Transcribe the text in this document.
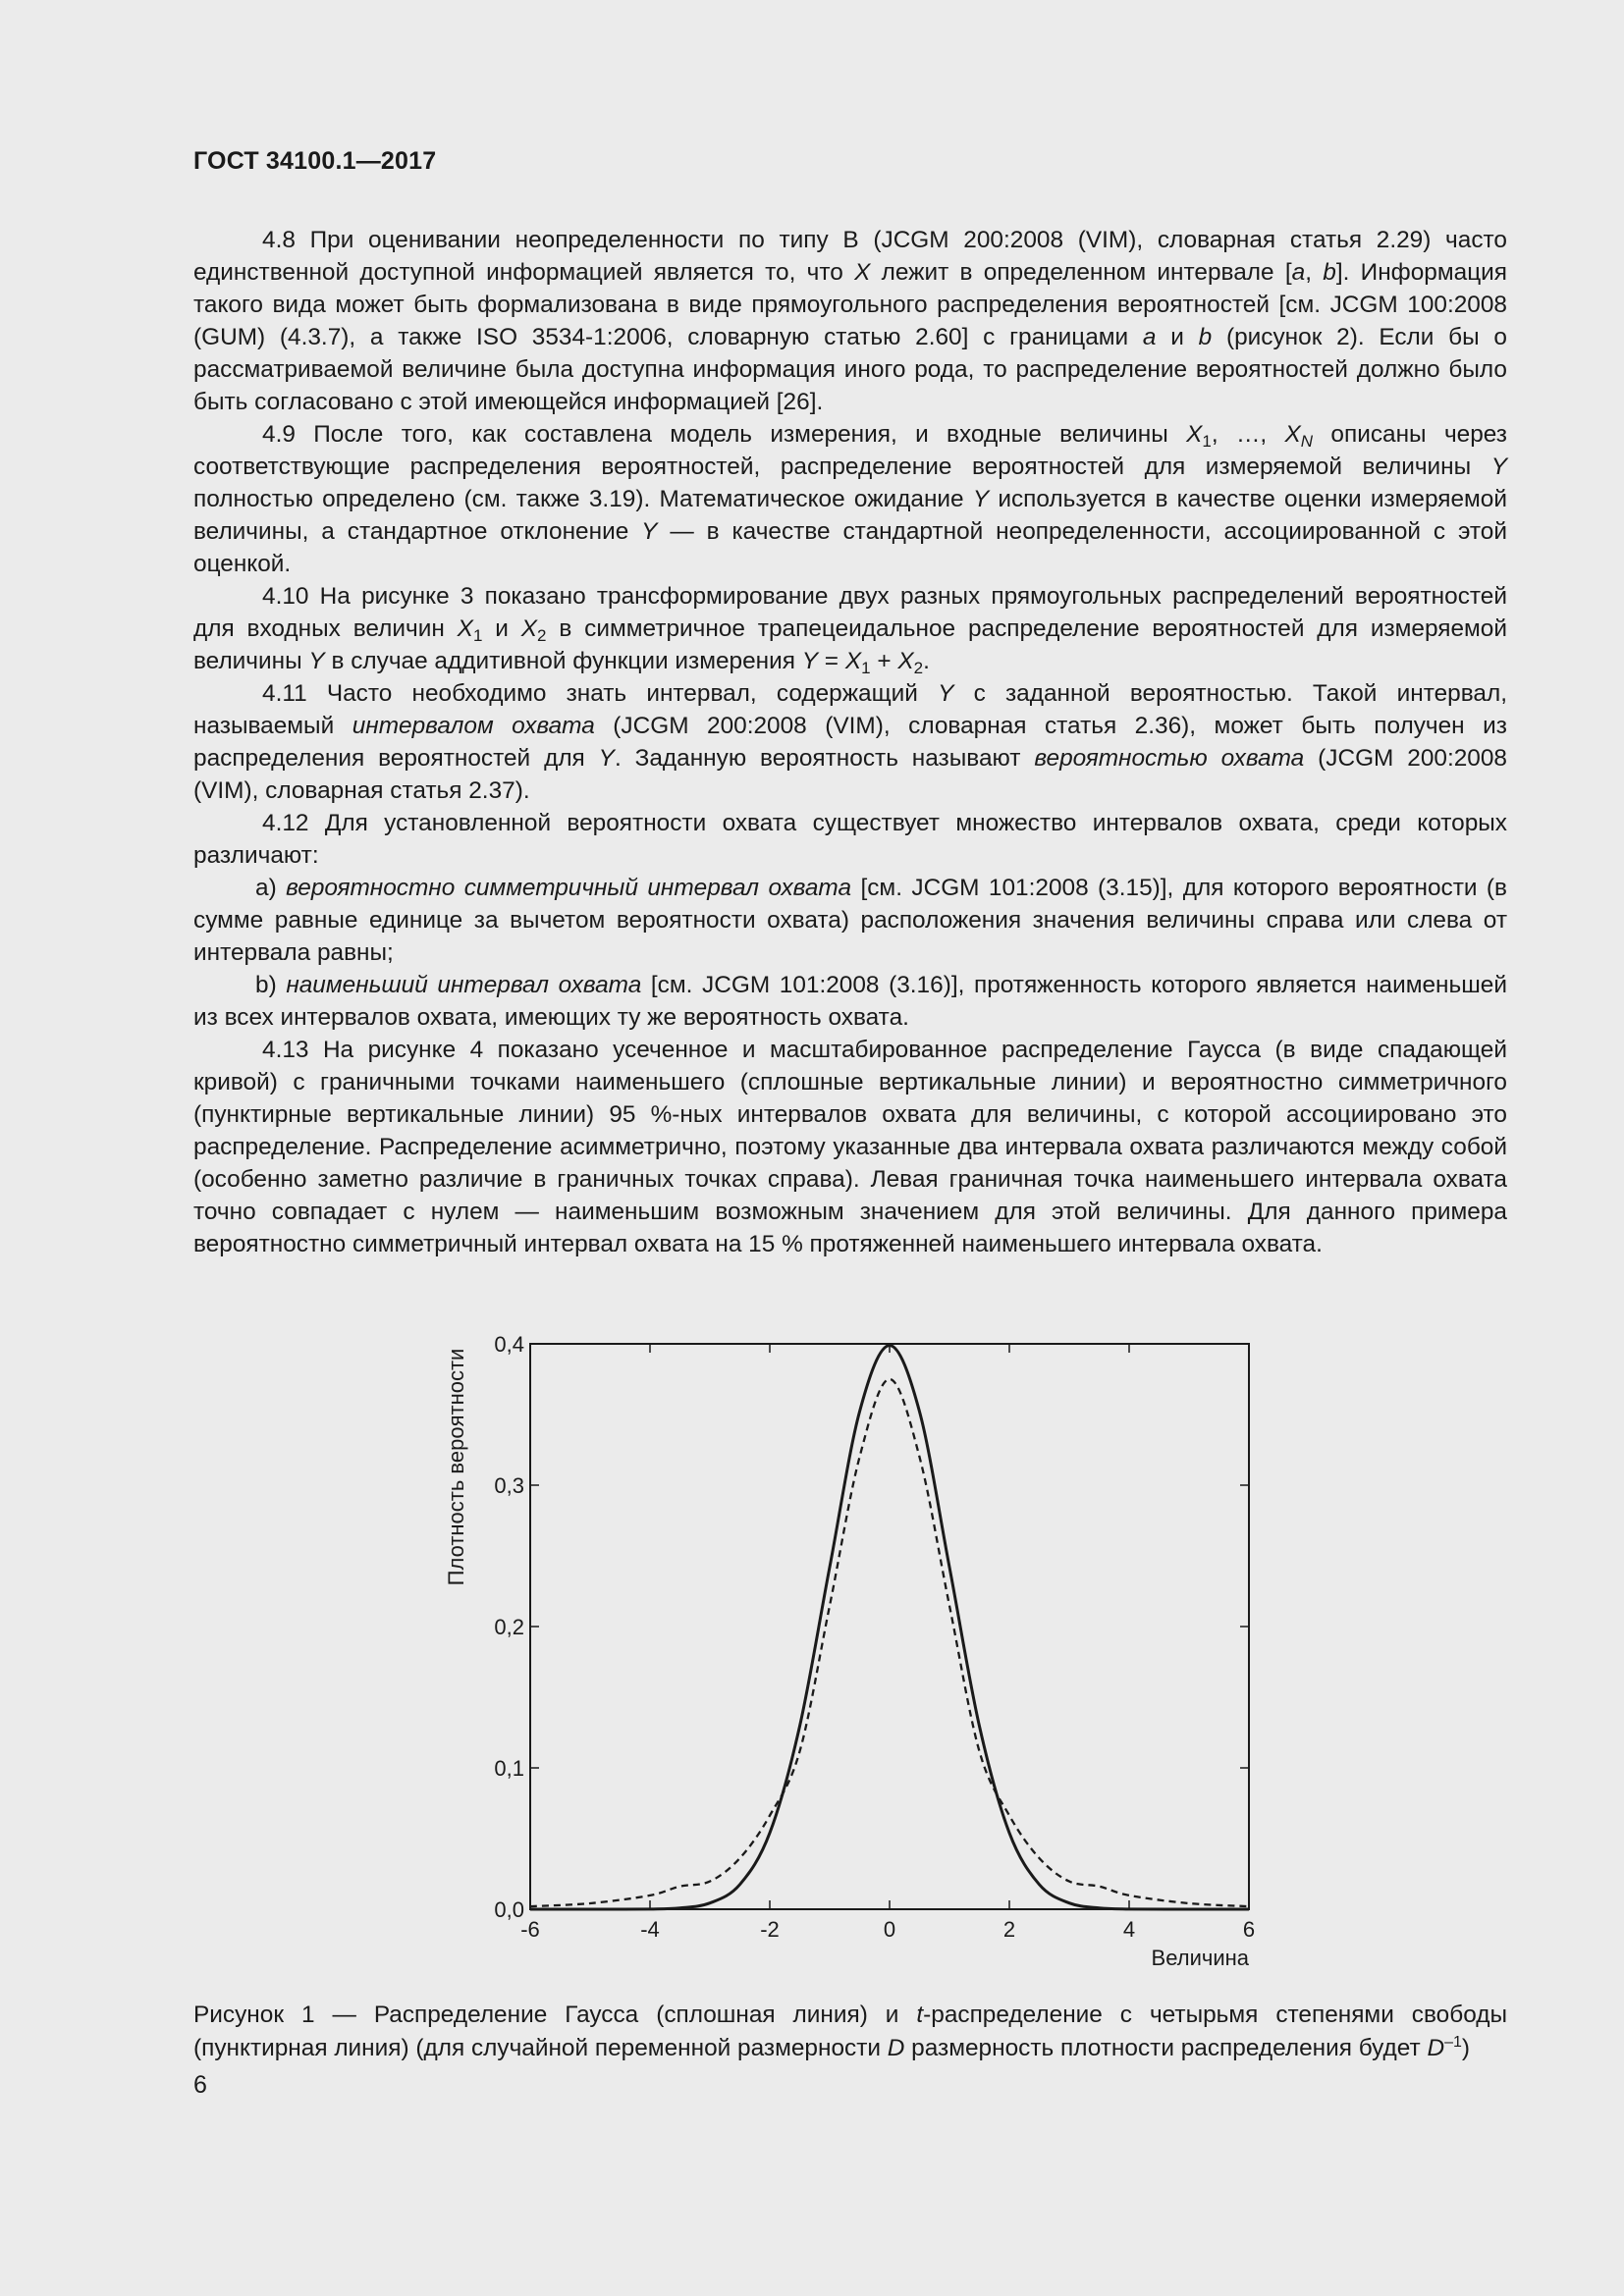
ГОСТ 34100.1—2017

4.8 При оценивании неопределенности по типу В (JCGM 200:2008 (VIM), словарная статья 2.29) часто единственной доступной информацией является то, что X лежит в определенном интервале [a, b]. Информация такого вида может быть формализована в виде прямоугольного распределения вероятностей [см. JCGM 100:2008 (GUM) (4.3.7), а также ISO 3534-1:2006, словарную статью 2.60] с границами a и b (рисунок 2). Если бы о рассматриваемой величине была доступна информация иного рода, то распределение вероятностей должно было быть согласовано с этой имеющейся информацией [26].

4.9 После того, как составлена модель измерения, и входные величины $X_1$, …, $X_N$ описаны через соответствующие распределения вероятностей, распределение вероятностей для измеряемой величины Y полностью определено (см. также 3.19). Математическое ожидание Y используется в качестве оценки измеряемой величины, а стандартное отклонение Y — в качестве стандартной неопределенности, ассоциированной с этой оценкой.

4.10 На рисунке 3 показано трансформирование двух разных прямоугольных распределений вероятностей для входных величин $X_1$ и $X_2$ в симметричное трапецеидальное распределение вероятностей для измеряемой величины Y в случае аддитивной функции измерения $Y = X_1 + X_2$.

4.11 Часто необходимо знать интервал, содержащий Y с заданной вероятностью. Такой интервал, называемый интервалом охвата (JCGM 200:2008 (VIM), словарная статья 2.36), может быть получен из распределения вероятностей для Y. Заданную вероятность называют вероятностью охвата (JCGM 200:2008 (VIM), словарная статья 2.37).

4.12 Для установленной вероятности охвата существует множество интервалов охвата, среди которых различают:

a) вероятностно симметричный интервал охвата [см. JCGM 101:2008 (3.15)], для которого вероятности (в сумме равные единице за вычетом вероятности охвата) расположения значения величины справа или слева от интервала равны;

b) наименьший интервал охвата [см. JCGM 101:2008 (3.16)], протяженность которого является наименьшей из всех интервалов охвата, имеющих ту же вероятность охвата.

4.13 На рисунке 4 показано усеченное и масштабированное распределение Гаусса (в виде спадающей кривой) с граничными точками наименьшего (сплошные вертикальные линии) и вероятностно симметричного (пунктирные вертикальные линии) 95 %-ных интервалов охвата для величины, с которой ассоциировано это распределение. Распределение асимметрично, поэтому указанные два интервала охвата различаются между собой (особенно заметно различие в граничных точках справа). Левая граничная точка наименьшего интервала охвата точно совпадает с нулем — наименьшим возможным значением для этой величины. Для данного примера вероятностно симметричный интервал охвата на 15 % протяженней наименьшего интервала охвата.

-6	-4	-2	0	2	4	6
0,0
0,1
0,2
0,3
0,4
Величина
Плотность вероятности

Рисунок 1 — Распределение Гаусса (сплошная линия) и t-распределение с четырьмя степенями свободы (пунктирная линия) (для случайной переменной размерности D размерность плотности распределения будет $D^{-1}$)

6
